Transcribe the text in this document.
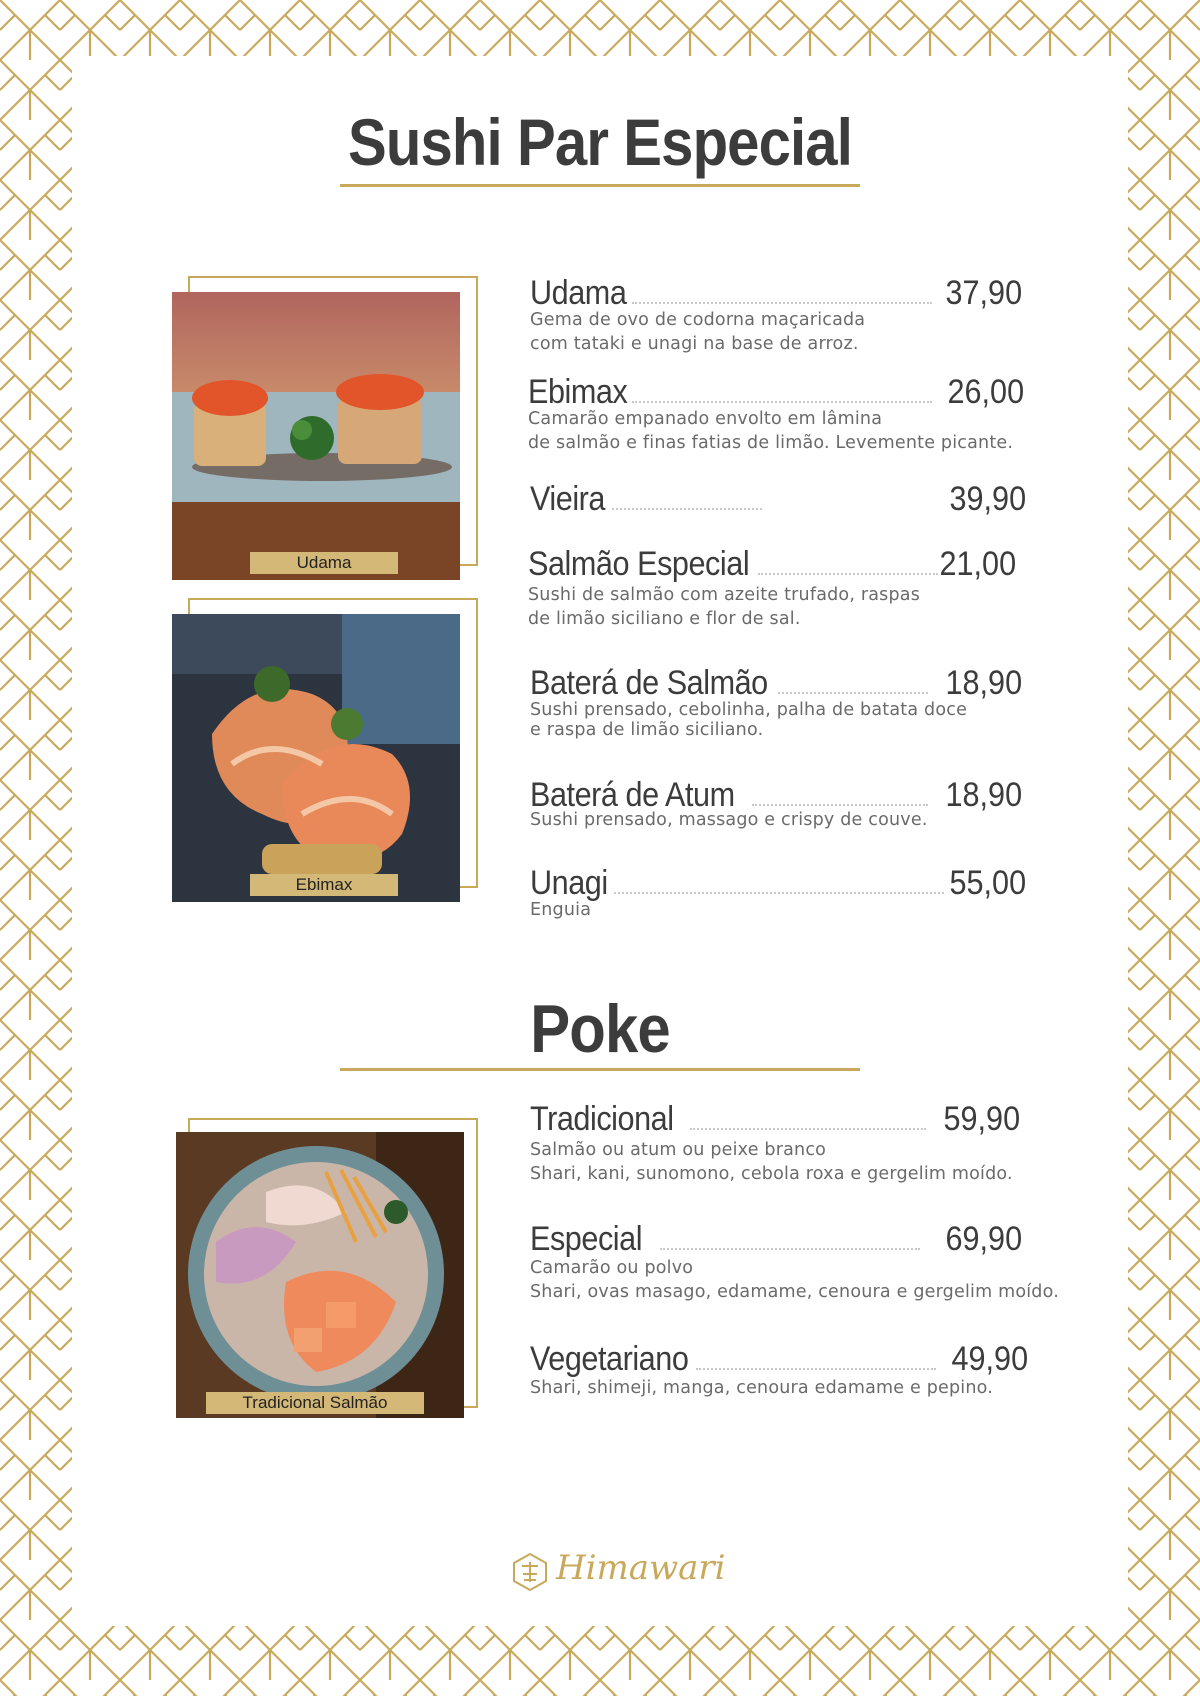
Sushi Par Especial
Udama
Ebimax
Udama	37,90
Gema de ovo de codorna maçaricada
com tataki e unagi na base de arroz.
Ebimax	26,00
Camarão empanado envolto em lâmina
de salmão e finas fatias de limão. Levemente picante.
Vieira	39,90
Salmão Especial	21,00
Sushi de salmão com azeite trufado, raspas
de limão siciliano e flor de sal.
Baterá de Salmão	18,90
Sushi prensado, cebolinha, palha de batata doce
e raspa de limão siciliano.
Baterá de Atum	18,90
Sushi prensado, massago e crispy de couve.
Unagi	55,00
Enguia
Poke
Tradicional Salmão
Tradicional	59,90
Salmão ou atum ou peixe branco
Shari, kani, sunomono, cebola roxa e gergelim moído.
Especial	69,90
Camarão ou polvo
Shari, ovas masago, edamame, cenoura e gergelim moído.
Vegetariano	49,90
Shari, shimeji, manga, cenoura edamame e pepino.
Himawari
